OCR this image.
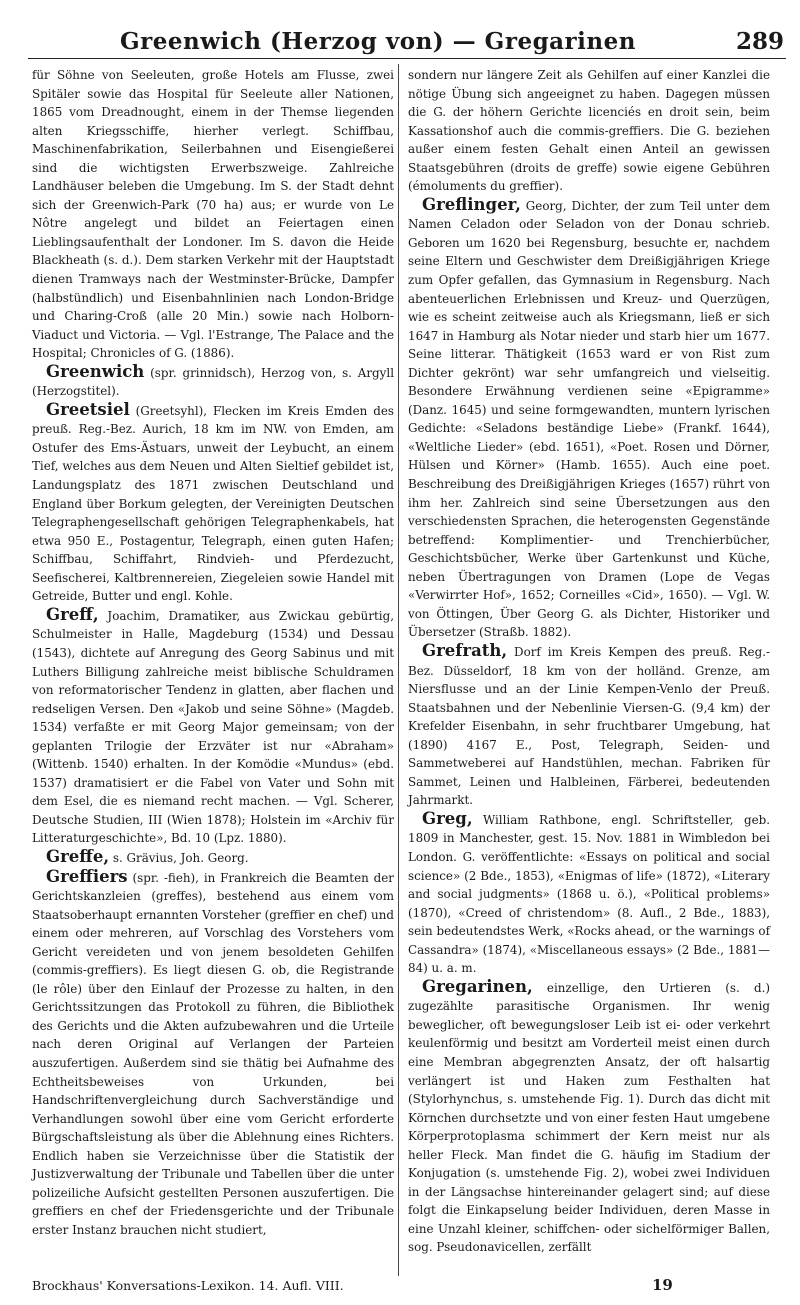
Greenwich (Herzog von) — Gregarinen	289

für Söhne von Seeleuten, große Hotels am Flusse, zwei Spitäler sowie das Hospital für Seeleute aller Nationen, 1865 vom Dreadnought, einem in der Themse liegenden alten Kriegsschiffe, hierher verlegt. Schiffbau, Maschinenfabrikation, Seilerbahnen und Eisengießerei sind die wichtigsten Erwerbszweige. Zahlreiche Landhäuser beleben die Umgebung. Im S. der Stadt dehnt sich der Greenwich-Park (70 ha) aus; er wurde von Le Nôtre angelegt und bildet an Feiertagen einen Lieblingsaufenthalt der Londoner. Im S. davon die Heide Blackheath (s. d.). Dem starken Verkehr mit der Hauptstadt dienen Tramways nach der Westminster-Brücke, Dampfer (halbstündlich) und Eisenbahnlinien nach London-Bridge und Charing-Croß (alle 20 Min.) sowie nach Holborn-Viaduct und Victoria. — Vgl. l'Estrange, The Palace and the Hospital; Chronicles of G. (1886).

Greenwich (spr. grinnidsch), Herzog von, s. Argyll (Herzogstitel).

Greetsiel (Greetsyhl), Flecken im Kreis Emden des preuß. Reg.-Bez. Aurich, 18 km im NW. von Emden, am Ostufer des Ems-Ästuars, unweit der Leybucht, an einem Tief, welches aus dem Neuen und Alten Sieltief gebildet ist, Landungsplatz des 1871 zwischen Deutschland und England über Borkum gelegten, der Vereinigten Deutschen Telegraphengesellschaft gehörigen Telegraphenkabels, hat etwa 950 E., Postagentur, Telegraph, einen guten Hafen; Schiffbau, Schiffahrt, Rindvieh- und Pferdezucht, Seefischerei, Kaltbrennereien, Ziegeleien sowie Handel mit Getreide, Butter und engl. Kohle.

Greff, Joachim, Dramatiker, aus Zwickau gebürtig, Schulmeister in Halle, Magdeburg (1534) und Dessau (1543), dichtete auf Anregung des Georg Sabinus und mit Luthers Billigung zahlreiche meist biblische Schuldramen von reformatorischer Tendenz in glatten, aber flachen und redseligen Versen. Den «Jakob und seine Söhne» (Magdeb. 1534) verfaßte er mit Georg Major gemeinsam; von der geplanten Trilogie der Erzväter ist nur «Abraham» (Wittenb. 1540) erhalten. In der Komödie «Mundus» (ebd. 1537) dramatisiert er die Fabel von Vater und Sohn mit dem Esel, die es niemand recht machen. — Vgl. Scherer, Deutsche Studien, III (Wien 1878); Holstein im «Archiv für Litteraturgeschichte», Bd. 10 (Lpz. 1880).

Greffe, s. Grävius, Joh. Georg.

Greffiers (spr. -fieh), in Frankreich die Beamten der Gerichtskanzleien (greffes), bestehend aus einem vom Staatsoberhaupt ernannten Vorsteher (greffier en chef) und einem oder mehreren, auf Vorschlag des Vorstehers vom Gericht vereideten und von jenem besoldeten Gehilfen (commis-greffiers). Es liegt diesen G. ob, die Registrande (le rôle) über den Einlauf der Prozesse zu halten, in den Gerichtssitzungen das Protokoll zu führen, die Bibliothek des Gerichts und die Akten aufzubewahren und die Urteile nach deren Original auf Verlangen der Parteien auszufertigen. Außerdem sind sie thätig bei Aufnahme des Echtheitsbeweises von Urkunden, bei Handschriftenvergleichung durch Sachverständige und Verhandlungen sowohl über eine vom Gericht erforderte Bürgschaftsleistung als über die Ablehnung eines Richters. Endlich haben sie Verzeichnisse über die Statistik der Justizverwaltung der Tribunale und Tabellen über die unter polizeiliche Aufsicht gestellten Personen auszufertigen. Die greffiers en chef der Friedensgerichte und der Tribunale erster Instanz brauchen nicht studiert,

sondern nur längere Zeit als Gehilfen auf einer Kanzlei die nötige Übung sich angeeignet zu haben. Dagegen müssen die G. der höhern Gerichte licenciés en droit sein, beim Kassationshof auch die commis-greffiers. Die G. beziehen außer einem festen Gehalt einen Anteil an gewissen Staatsgebühren (droits de greffe) sowie eigene Gebühren (émoluments du greffier).

Greflinger, Georg, Dichter, der zum Teil unter dem Namen Celadon oder Seladon von der Donau schrieb. Geboren um 1620 bei Regensburg, besuchte er, nachdem seine Eltern und Geschwister dem Dreißigjährigen Kriege zum Opfer gefallen, das Gymnasium in Regensburg. Nach abenteuerlichen Erlebnissen und Kreuz- und Querzügen, wie es scheint zeitweise auch als Kriegsmann, ließ er sich 1647 in Hamburg als Notar nieder und starb hier um 1677. Seine litterar. Thätigkeit (1653 ward er von Rist zum Dichter gekrönt) war sehr umfangreich und vielseitig. Besondere Erwähnung verdienen seine «Epigramme» (Danz. 1645) und seine formgewandten, muntern lyrischen Gedichte: «Seladons beständige Liebe» (Frankf. 1644), «Weltliche Lieder» (ebd. 1651), «Poet. Rosen und Dörner, Hülsen und Körner» (Hamb. 1655). Auch eine poet. Beschreibung des Dreißigjährigen Krieges (1657) rührt von ihm her. Zahlreich sind seine Übersetzungen aus den verschiedensten Sprachen, die heterogensten Gegenstände betreffend: Komplimentier- und Trenchierbücher, Geschichtsbücher, Werke über Gartenkunst und Küche, neben Übertragungen von Dramen (Lope de Vegas «Verwirrter Hof», 1652; Corneilles «Cid», 1650). — Vgl. W. von Öttingen, Über Georg G. als Dichter, Historiker und Übersetzer (Straßb. 1882).

Grefrath, Dorf im Kreis Kempen des preuß. Reg.-Bez. Düsseldorf, 18 km von der holländ. Grenze, am Niersflusse und an der Linie Kempen-Venlo der Preuß. Staatsbahnen und der Nebenlinie Viersen-G. (9,4 km) der Krefelder Eisenbahn, in sehr fruchtbarer Umgebung, hat (1890) 4167 E., Post, Telegraph, Seiden- und Sammetweberei auf Handstühlen, mechan. Fabriken für Sammet, Leinen und Halbleinen, Färberei, bedeutenden Jahrmarkt.

Greg, William Rathbone, engl. Schriftsteller, geb. 1809 in Manchester, gest. 15. Nov. 1881 in Wimbledon bei London. G. veröffentlichte: «Essays on political and social science» (2 Bde., 1853), «Enigmas of life» (1872), «Literary and social judgments» (1868 u. ö.), «Political problems» (1870), «Creed of christendom» (8. Aufl., 2 Bde., 1883), sein bedeutendstes Werk, «Rocks ahead, or the warnings of Cassandra» (1874), «Miscellaneous essays» (2 Bde., 1881—84) u. a. m.

Gregarinen, einzellige, den Urtieren (s. d.) zugezählte parasitische Organismen. Ihr wenig beweglicher, oft bewegungsloser Leib ist ei- oder verkehrt keulenförmig und besitzt am Vorderteil meist einen durch eine Membran abgegrenzten Ansatz, der oft halsartig verlängert ist und Haken zum Festhalten hat (Stylorhynchus, s. umstehende Fig. 1). Durch das dicht mit Körnchen durchsetzte und von einer festen Haut umgebene Körperprotoplasma schimmert der Kern meist nur als heller Fleck. Man findet die G. häufig im Stadium der Konjugation (s. umstehende Fig. 2), wobei zwei Individuen in der Längsachse hintereinander gelagert sind; auf diese folgt die Einkapselung beider Individuen, deren Masse in eine Unzahl kleiner, schiffchen- oder sichelförmiger Ballen, sog. Pseudonavicellen, zerfällt

Brockhaus' Konversations-Lexikon. 14. Aufl. VIII.	19
